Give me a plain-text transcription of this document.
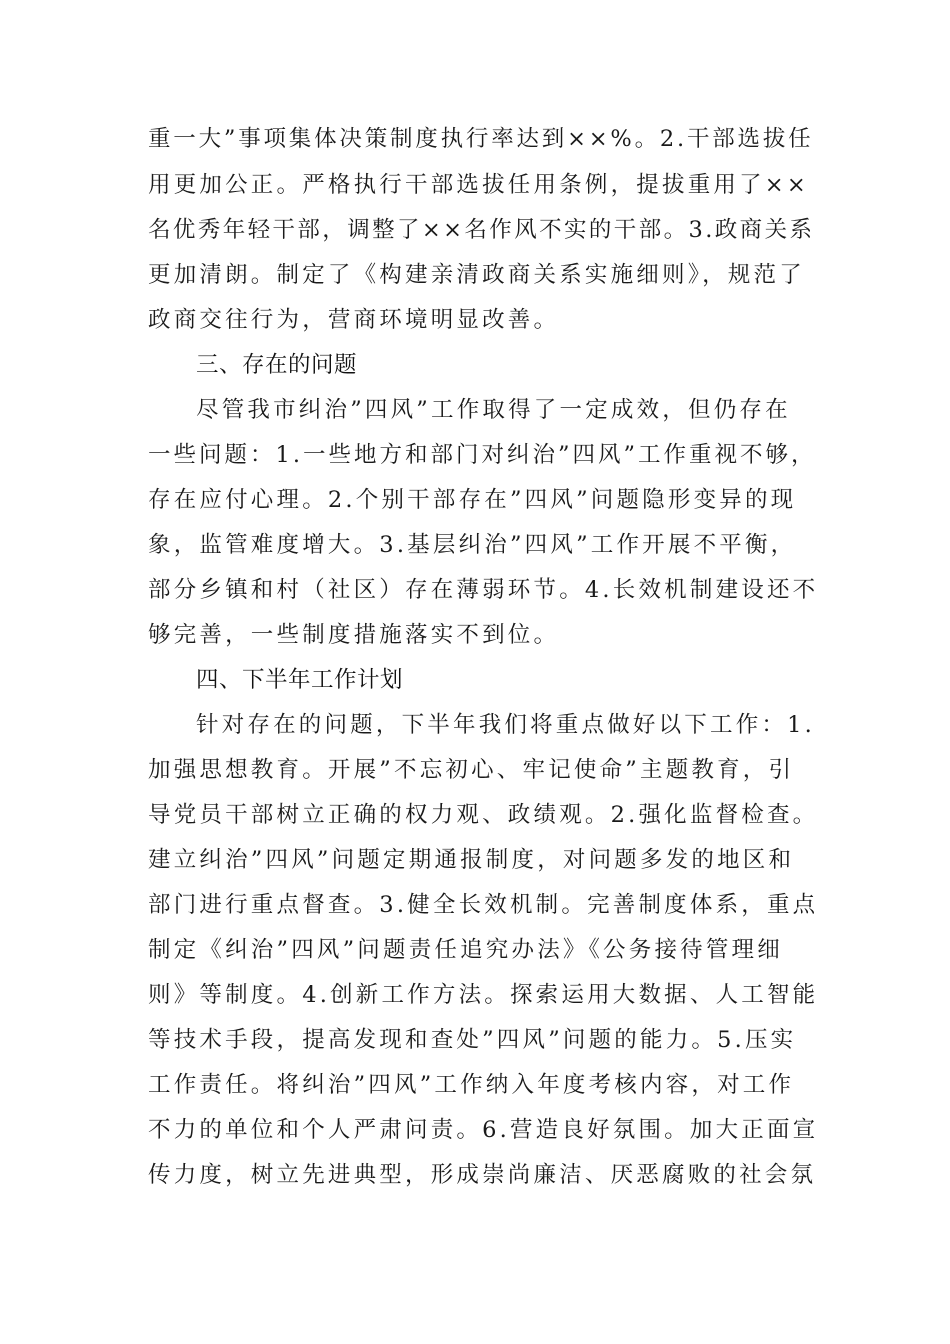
重一大”事项集体决策制度执行率达到××%。2.干部选拔任
用更加公正。严格执行干部选拔任用条例，提拔重用了××
名优秀年轻干部，调整了××名作风不实的干部。3.政商关系
更加清朗。制定了《构建亲清政商关系实施细则》，规范了
政商交往行为，营商环境明显改善。
三、存在的问题
尽管我市纠治”四风”工作取得了一定成效，但仍存在
一些问题：1.一些地方和部门对纠治”四风”工作重视不够，
存在应付心理。2.个别干部存在”四风”问题隐形变异的现
象，监管难度增大。3.基层纠治”四风”工作开展不平衡，
部分乡镇和村（社区）存在薄弱环节。4.长效机制建设还不
够完善，一些制度措施落实不到位。
四、下半年工作计划
针对存在的问题，下半年我们将重点做好以下工作：1.
加强思想教育。开展”不忘初心、牢记使命”主题教育，引
导党员干部树立正确的权力观、政绩观。2.强化监督检查。
建立纠治”四风”问题定期通报制度，对问题多发的地区和
部门进行重点督查。3.健全长效机制。完善制度体系，重点
制定《纠治”四风”问题责任追究办法》《公务接待管理细
则》等制度。4.创新工作方法。探索运用大数据、人工智能
等技术手段，提高发现和查处”四风”问题的能力。5.压实
工作责任。将纠治”四风”工作纳入年度考核内容，对工作
不力的单位和个人严肃问责。6.营造良好氛围。加大正面宣
传力度，树立先进典型，形成崇尚廉洁、厌恶腐败的社会氛
